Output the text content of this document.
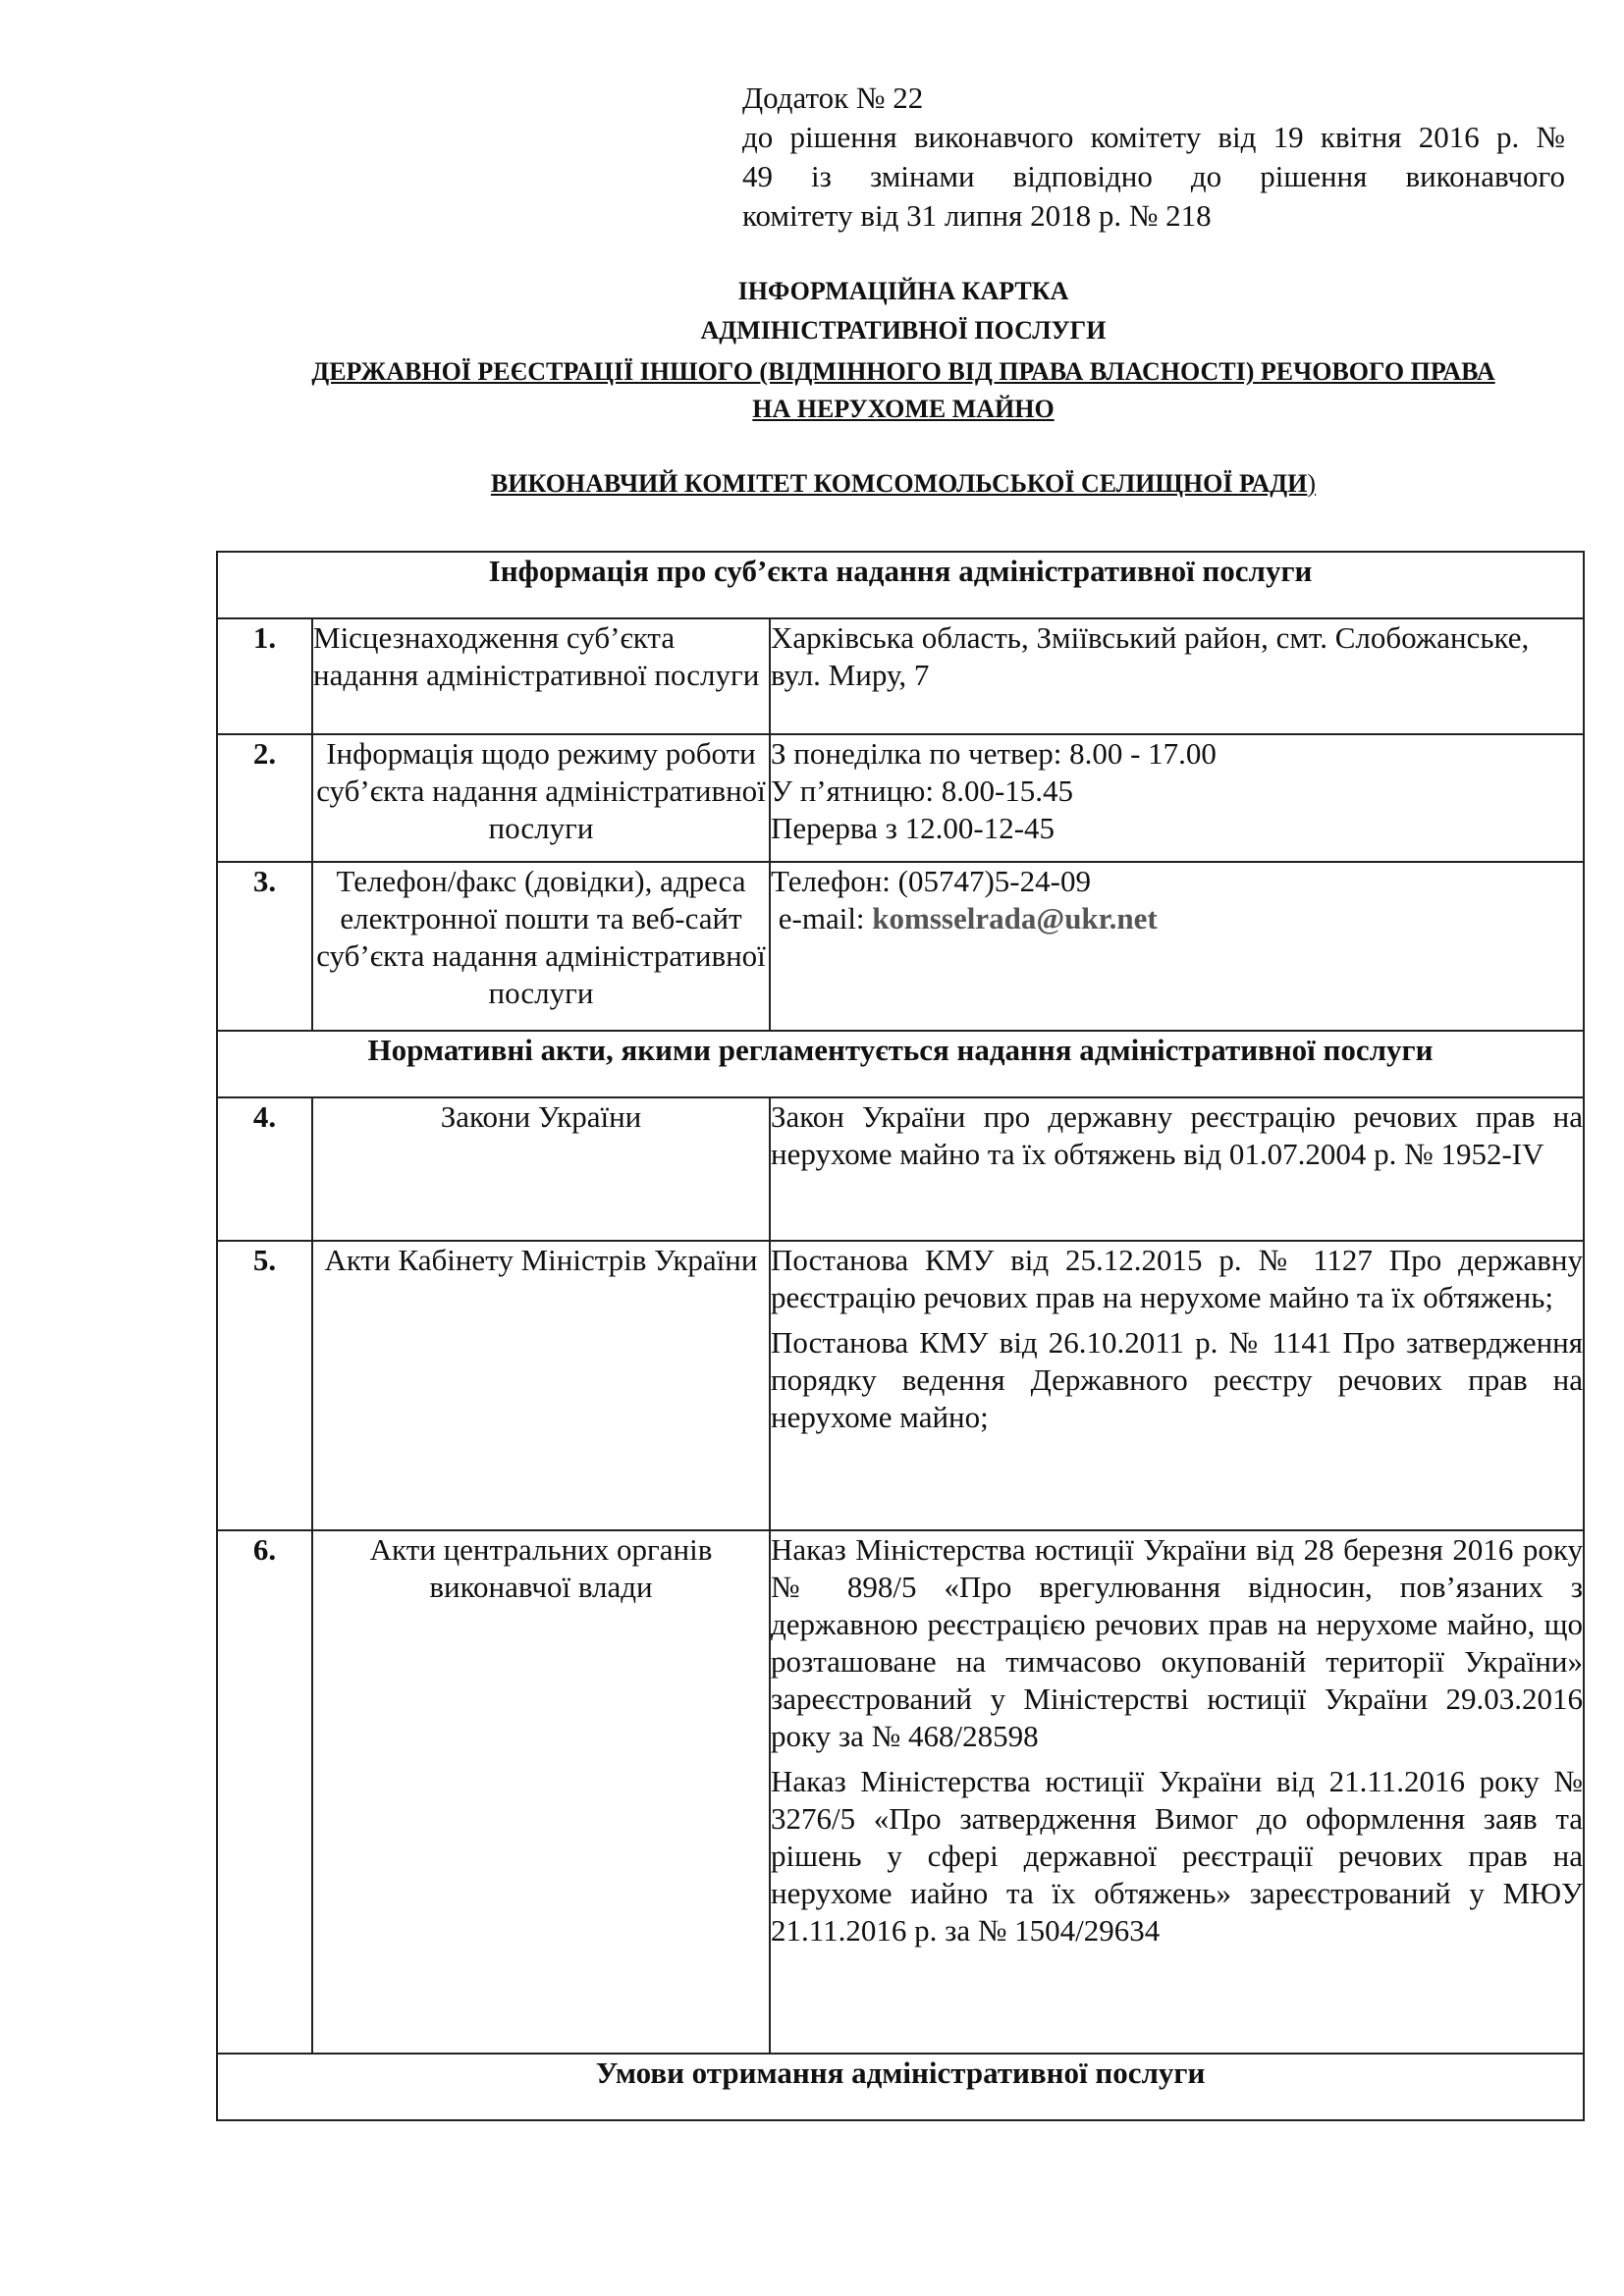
Додаток № 22
до рішення виконавчого комітету від 19 квітня 2016 р. №
49 із змінами відповідно до рішення виконавчого
комітету від 31 липня 2018 р. № 218
ІНФОРМАЦІЙНА КАРТКА
АДМІНІСТРАТИВНОЇ ПОСЛУГИ
ДЕРЖАВНОЇ РЕЄСТРАЦІЇ ІНШОГО (ВІДМІННОГО ВІД ПРАВА ВЛАСНОСТІ) РЕЧОВОГО ПРАВА
НА НЕРУХОМЕ МАЙНО
ВИКОНАВЧИЙ КОМІТЕТ КОМСОМОЛЬСЬКОЇ СЕЛИЩНОЇ РАДИ)
Інформація про суб’єкта надання адміністративної послуги		
1.	Місцезнаходження суб’єкта надання адміністративної послуги	Харківська область, Зміївський район, смт. Слобожанське, вул. Миру, 7

2.	Інформація щодо режиму роботи суб’єкта надання адміністративної послуги	З понеділка по четвер: 8.00 - 17.00

У п’ятницю: 8.00-15.45

Перерва з 12.00-12-45

3.	Телефон/факс (довідки), адреса електронної пошти та веб-сайт суб’єкта надання адміністративної послуги	Телефон: (05747)5-24-09

e-mail: komsselrada@ukr.net

Нормативні акти, якими регламентується надання адміністративної послуги		
4.	Закони України	Закон України про державну реєстрацію речових прав на нерухоме майно та їх обтяжень від 01.07.2004 р. № 1952-IV

5.	Акти Кабінету Міністрів України	Постанова КМУ від 25.12.2015 р. № 1127 Про державну реєстрацію речових прав на нерухоме майно та їх обтяжень;

Постанова КМУ від 26.10.2011 р. № 1141 Про затвердження порядку ведення Державного реєстру речових прав на нерухоме майно;

6.	Акти центральних органів виконавчої влади	Наказ Міністерства юстиції України від 28 березня 2016 року № 898/5 «Про врегулювання відносин, пов’язаних з державною реєстрацією речових прав на нерухоме майно, що розташоване на тимчасово окупованій території України» зареєстрований у Міністерстві юстиції України 29.03.2016 року за № 468/28598

Наказ Міністерства юстиції України від 21.11.2016 року № 3276/5 «Про затвердження Вимог до оформлення заяв та рішень у сфері державної реєстрації речових прав на нерухоме иайно та їх обтяжень» зареєстрований у МЮУ 21.11.2016 р. за № 1504/29634

Умови отримання адміністративної послуги		
